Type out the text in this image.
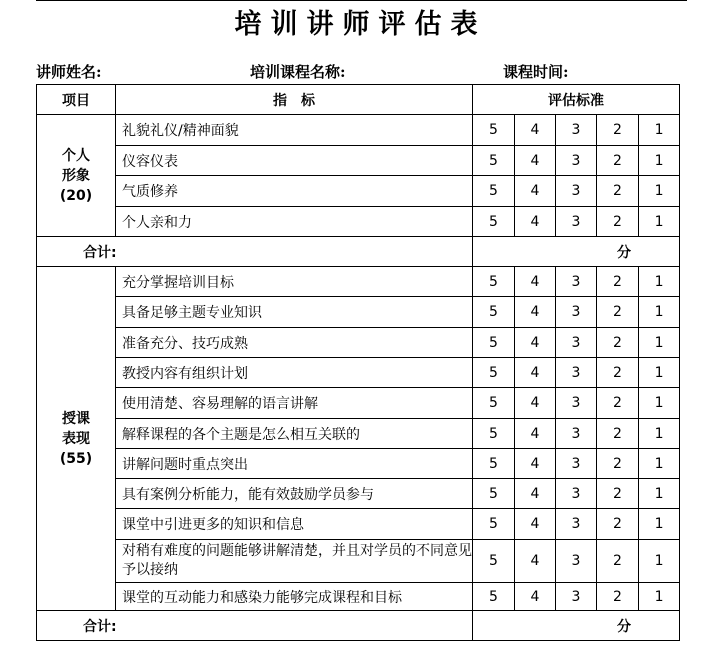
培训讲师评估表
讲师姓名:	培训课程名称:	课程时间:
项目	指　标	评估标准				

个人
形象
(20)	礼貌礼仪/精神面貌	5	4	3	2	1
	仪容仪表	5	4	3	2	1
	气质修养	5	4	3	2	1
	个人亲和力	5	4	3	2	1
合计:		分				

授课
表现
(55)	充分掌握培训目标	5	4	3	2	1
	具备足够主题专业知识	5	4	3	2	1
	准备充分、技巧成熟	5	4	3	2	1
	教授内容有组织计划	5	4	3	2	1
	使用清楚、容易理解的语言讲解	5	4	3	2	1
	解释课程的各个主题是怎么相互关联的	5	4	3	2	1
	讲解问题时重点突出	5	4	3	2	1
	具有案例分析能力，能有效鼓励学员参与	5	4	3	2	1
	课堂中引进更多的知识和信息	5	4	3	2	1
	对稍有难度的问题能够讲解清楚，并且对学员的不同意见予以接纳	5	4	3	2	1
	课堂的互动能力和感染力能够完成课程和目标	5	4	3	2	1
合计:		分				
